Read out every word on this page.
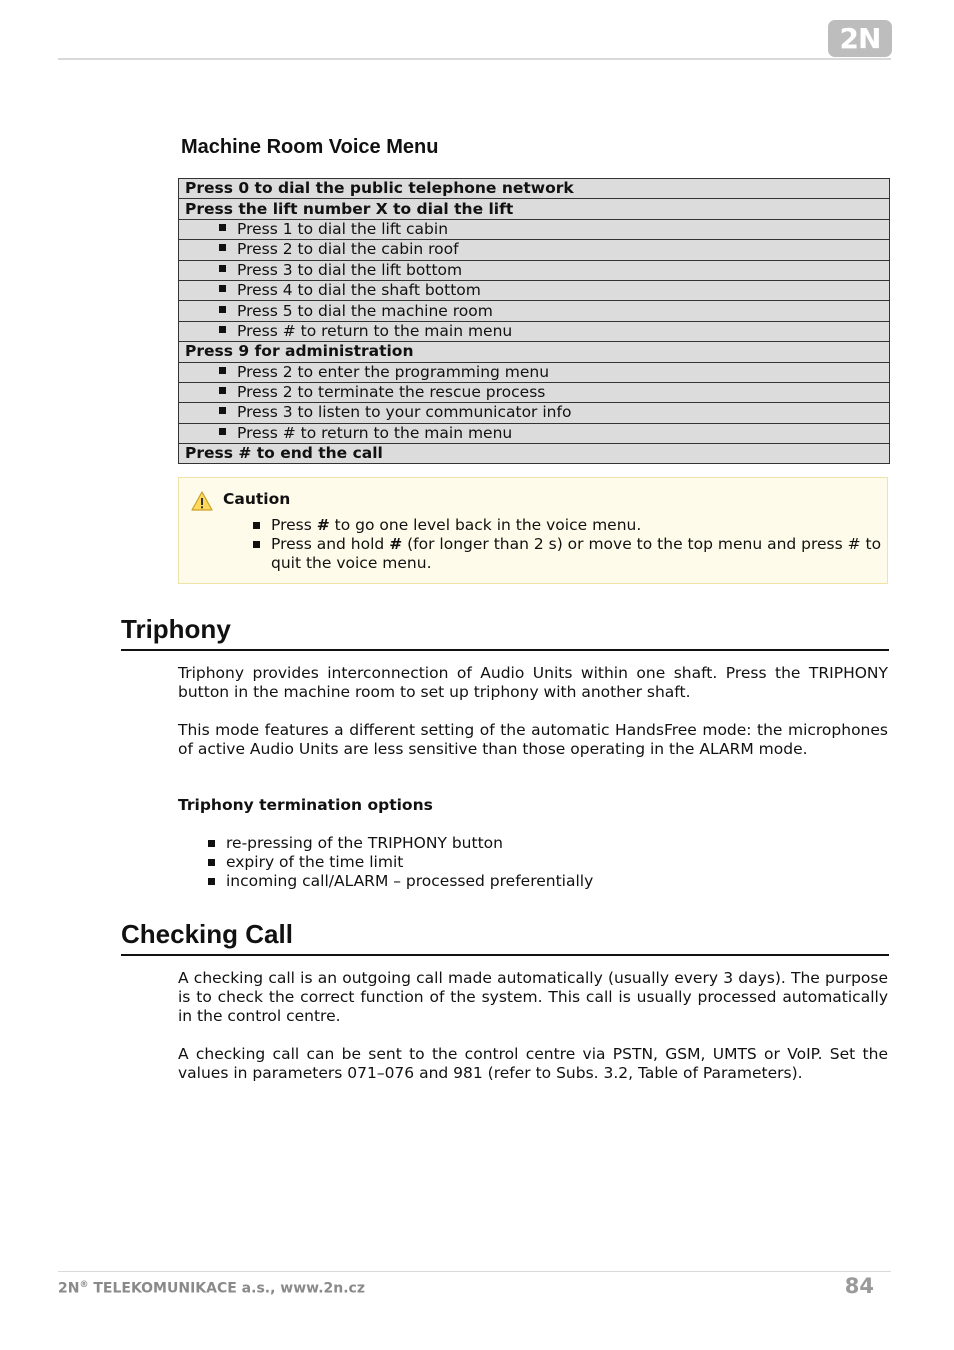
2N
Machine Room Voice Menu
Press 0 to dial the public telephone network
Press the lift number X to dial the lift
Press 1 to dial the lift cabin
Press 2 to dial the cabin roof
Press 3 to dial the lift bottom
Press 4 to dial the shaft bottom
Press 5 to dial the machine room
Press # to return to the main menu
Press 9 for administration
Press 2 to enter the programming menu
Press 2 to terminate the rescue process
Press 3 to listen to your communicator info
Press # to return to the main menu
Press # to end the call
Caution
Press # to go one level back in the voice menu.
Press and hold # (for longer than 2 s) or move to the top menu and press # to quit the voice menu.
Triphony

Triphony provides interconnection of Audio Units within one shaft. Press the TRIPHONY button in the machine room to set up triphony with another shaft.

This mode features a different setting of the automatic HandsFree mode: the microphones of active Audio Units are less sensitive than those operating in the ALARM mode.

Triphony termination options
re-pressing of the TRIPHONY button
expiry of the time limit
incoming call/ALARM – processed preferentially
Checking Call

A checking call is an outgoing call made automatically (usually every 3 days). The purpose is to check the correct function of the system. This call is usually processed automatically in the control centre.

A checking call can be sent to the control centre via PSTN, GSM, UMTS or VoIP. Set the values in parameters 071–076 and 981 (refer to Subs. 3.2, Table of Parameters).

2N® TELEKOMUNIKACE a.s., www.2n.cz	84
